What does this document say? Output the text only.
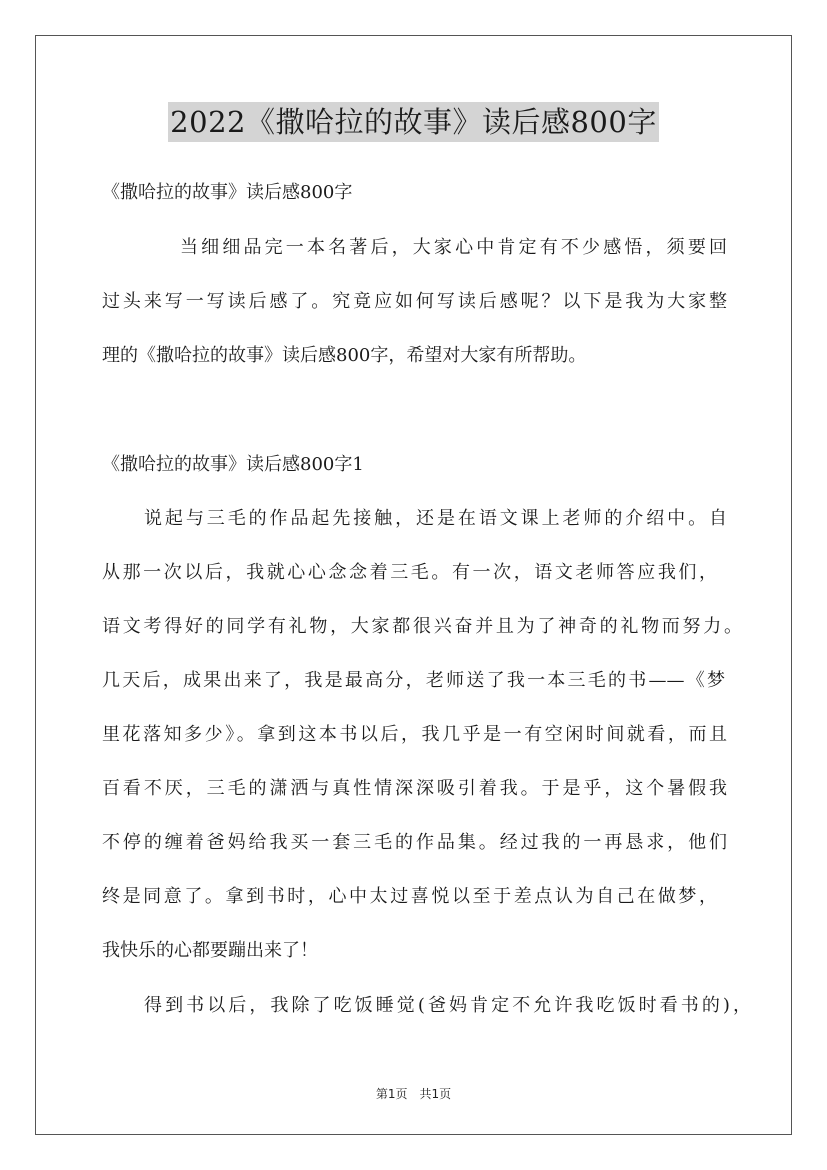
2022《撒哈拉的故事》读后感800字
《撒哈拉的故事》读后感800字
当细细品完一本名著后，大家心中肯定有不少感悟，须要回
过头来写一写读后感了。究竟应如何写读后感呢？以下是我为大家整
理的《撒哈拉的故事》读后感800字，希望对大家有所帮助。
《撒哈拉的故事》读后感800字1
说起与三毛的作品起先接触，还是在语文课上老师的介绍中。自
从那一次以后，我就心心念念着三毛。有一次，语文老师答应我们，
语文考得好的同学有礼物，大家都很兴奋并且为了神奇的礼物而努力。
几天后，成果出来了，我是最高分，老师送了我一本三毛的书——《梦
里花落知多少》。拿到这本书以后，我几乎是一有空闲时间就看，而且
百看不厌，三毛的潇洒与真性情深深吸引着我。于是乎，这个暑假我
不停的缠着爸妈给我买一套三毛的作品集。经过我的一再恳求，他们
终是同意了。拿到书时，心中太过喜悦以至于差点认为自己在做梦，
我快乐的心都要蹦出来了！
得到书以后，我除了吃饭睡觉(爸妈肯定不允许我吃饭时看书的)，
第1页　共1页
